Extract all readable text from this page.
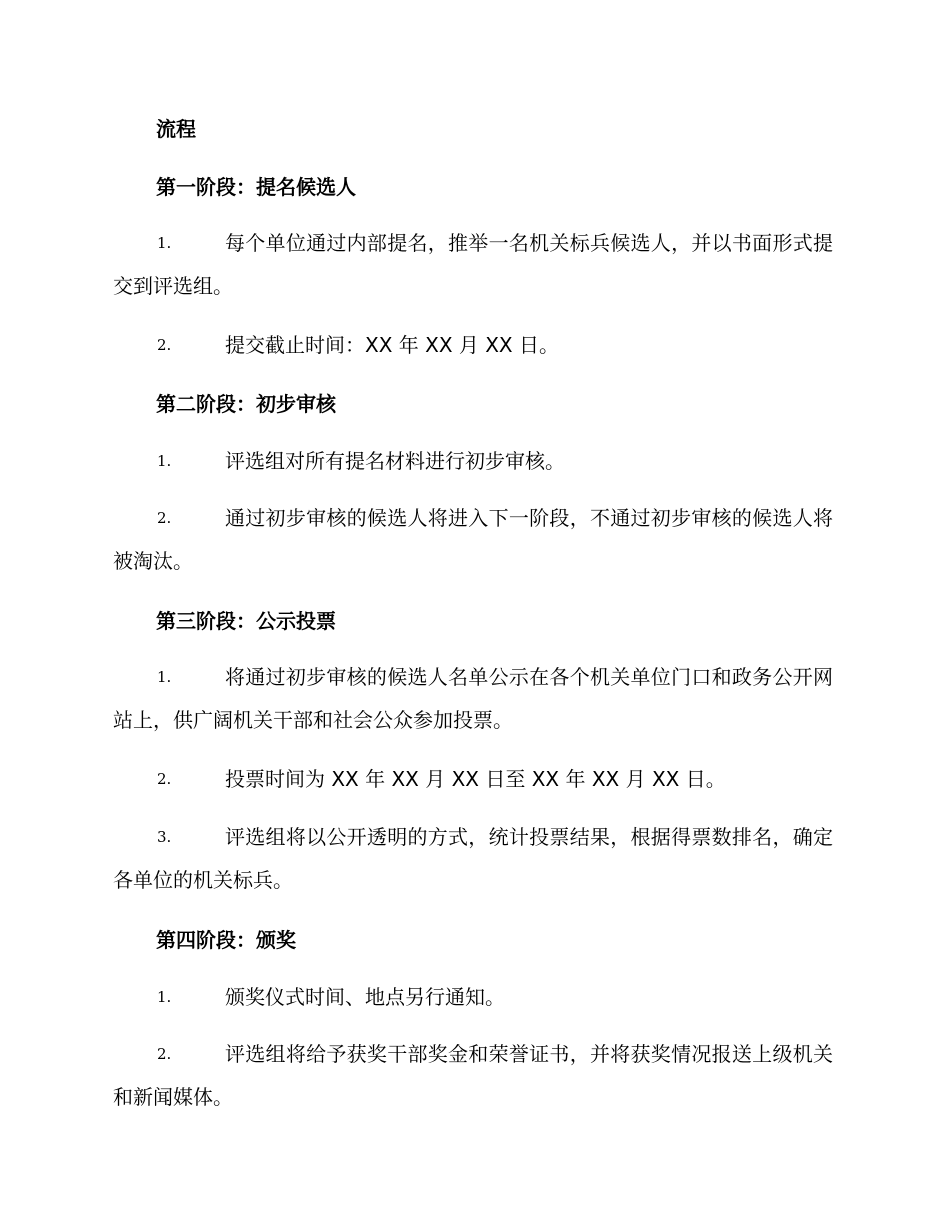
流程
第一阶段：提名候选人
1.	每个单位通过内部提名，推举一名机关标兵候选人，并以书面形式提交到评选组。
2.	提交截止时间：XX 年 XX 月 XX 日。
第二阶段：初步审核
1.	评选组对所有提名材料进行初步审核。
2.	通过初步审核的候选人将进入下一阶段，不通过初步审核的候选人将被淘汰。
第三阶段：公示投票
1.	将通过初步审核的候选人名单公示在各个机关单位门口和政务公开网站上，供广阔机关干部和社会公众参加投票。
2.	投票时间为 XX 年 XX 月 XX 日至 XX 年 XX 月 XX 日。
3.	评选组将以公开透明的方式，统计投票结果，根据得票数排名，确定各单位的机关标兵。
第四阶段：颁奖
1.	颁奖仪式时间、地点另行通知。
2.	评选组将给予获奖干部奖金和荣誉证书，并将获奖情况报送上级机关和新闻媒体。
